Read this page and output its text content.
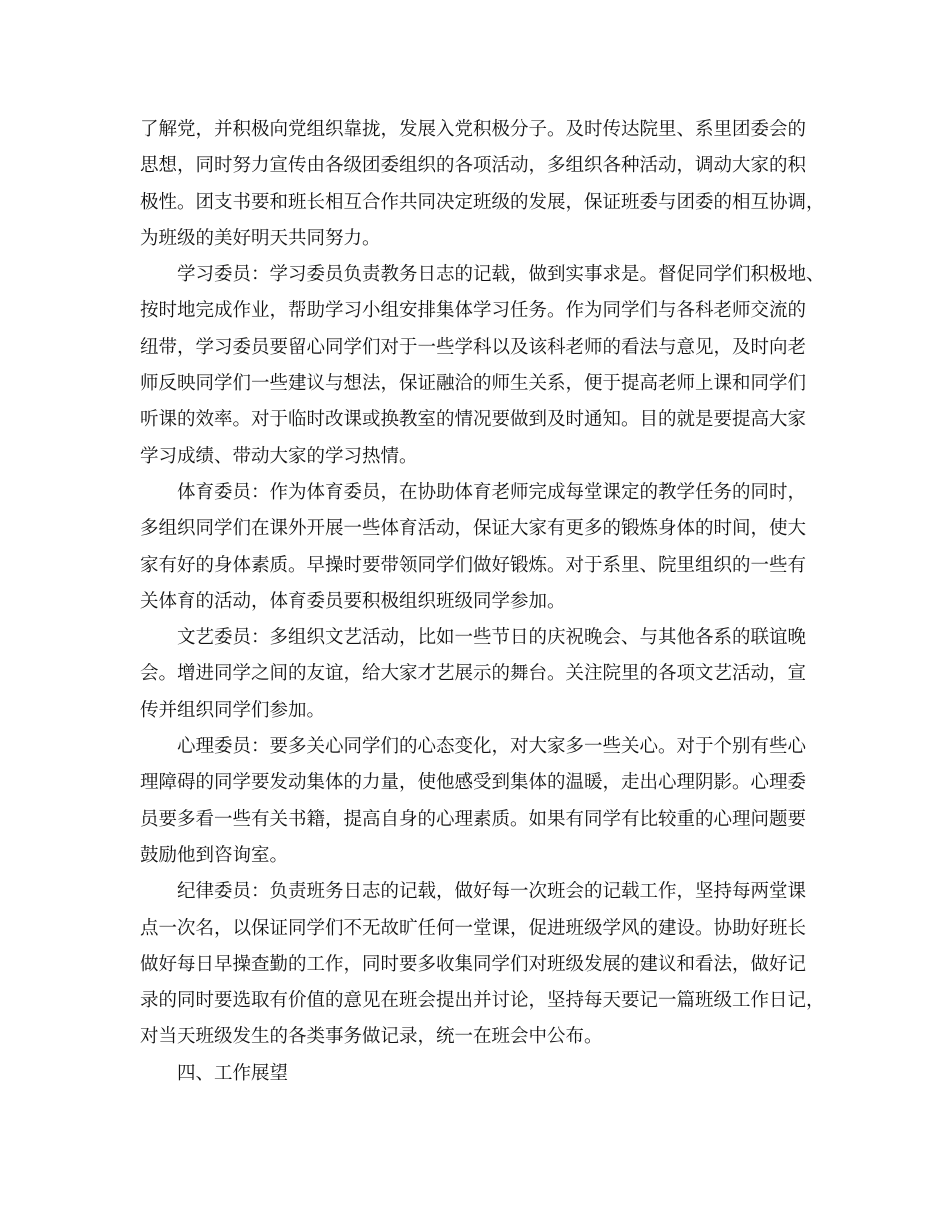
了解党，并积极向党组织靠拢，发展入党积极分子。及时传达院里、系里团委会的
思想，同时努力宣传由各级团委组织的各项活动，多组织各种活动，调动大家的积
极性。团支书要和班长相互合作共同决定班级的发展，保证班委与团委的相互协调，
为班级的美好明天共同努力。
学习委员：学习委员负责教务日志的记载，做到实事求是。督促同学们积极地、
按时地完成作业，帮助学习小组安排集体学习任务。作为同学们与各科老师交流的
纽带，学习委员要留心同学们对于一些学科以及该科老师的看法与意见，及时向老
师反映同学们一些建议与想法，保证融洽的师生关系，便于提高老师上课和同学们
听课的效率。对于临时改课或换教室的情况要做到及时通知。目的就是要提高大家
学习成绩、带动大家的学习热情。
体育委员：作为体育委员，在协助体育老师完成每堂课定的教学任务的同时，
多组织同学们在课外开展一些体育活动，保证大家有更多的锻炼身体的时间，使大
家有好的身体素质。早操时要带领同学们做好锻炼。对于系里、院里组织的一些有
关体育的活动，体育委员要积极组织班级同学参加。
文艺委员：多组织文艺活动，比如一些节日的庆祝晚会、与其他各系的联谊晚
会。增进同学之间的友谊，给大家才艺展示的舞台。关注院里的各项文艺活动，宣
传并组织同学们参加。
心理委员：要多关心同学们的心态变化，对大家多一些关心。对于个别有些心
理障碍的同学要发动集体的力量，使他感受到集体的温暖，走出心理阴影。心理委
员要多看一些有关书籍，提高自身的心理素质。如果有同学有比较重的心理问题要
鼓励他到咨询室。
纪律委员：负责班务日志的记载，做好每一次班会的记载工作，坚持每两堂课
点一次名，以保证同学们不无故旷任何一堂课，促进班级学风的建设。协助好班长
做好每日早操查勤的工作，同时要多收集同学们对班级发展的建议和看法，做好记
录的同时要选取有价值的意见在班会提出并讨论，坚持每天要记一篇班级工作日记，
对当天班级发生的各类事务做记录，统一在班会中公布。
四、工作展望
